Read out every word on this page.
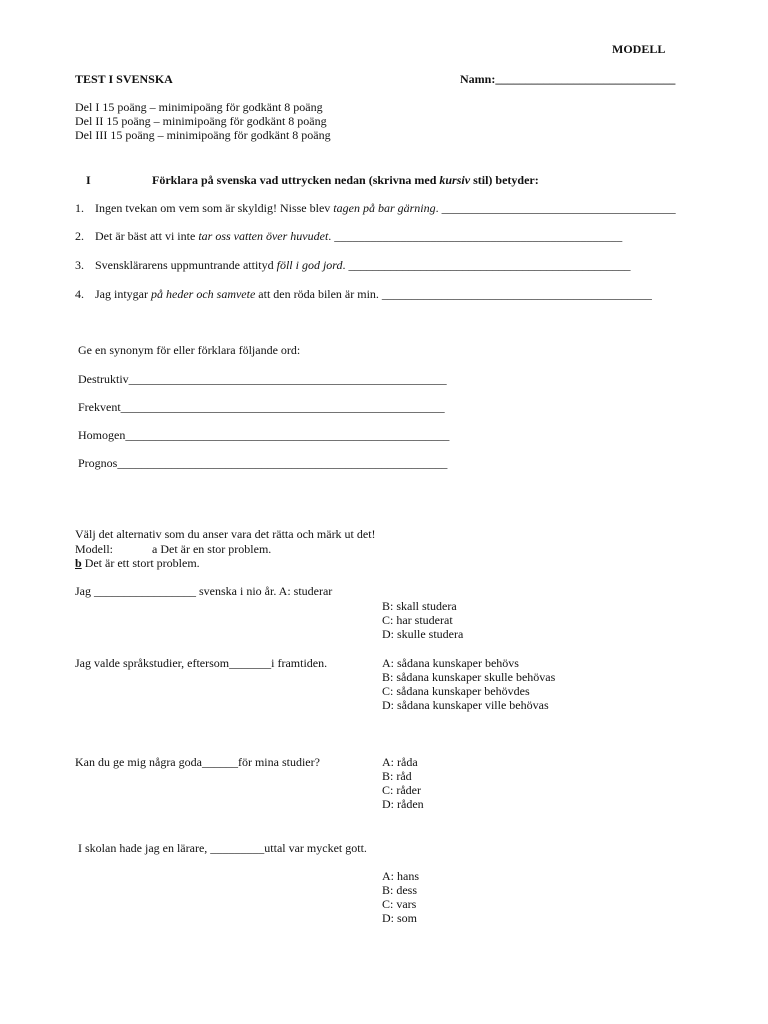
MODELL
TEST I SVENSKA	Namn:______________________________
Del I 15 poäng – minimipoäng för godkänt 8 poäng
Del II 15 poäng – minimipoäng för godkänt 8 poäng
Del III 15 poäng – minimipoäng för godkänt 8 poäng
I	Förklara på svenska vad uttrycken nedan (skrivna med kursiv stil) betyder:
1. Ingen tvekan om vem som är skyldig! Nisse blev tagen på bar gärning. _______________________________________
2. Det är bäst att vi inte tar oss vatten över huvudet. ________________________________________________
3. Svensklärarens uppmuntrande attityd föll i god jord. _______________________________________________
4. Jag intygar på heder och samvete att den röda bilen är min. _____________________________________________
Ge en synonym för eller förklara följande ord:
Destruktiv_____________________________________________________
Frekvent______________________________________________________
Homogen______________________________________________________
Prognos_______________________________________________________
Välj det alternativ som du anser vara det rätta och märk ut det!
Modell:	a Det är en stor problem.
b Det är ett stort problem.
Jag _________________ svenska i nio år. A: studerar
B: skall studera
C: har studerat
D: skulle studera
Jag valde språkstudier, eftersom_______i framtiden.	A: sådana kunskaper behövs
B: sådana kunskaper skulle behövas
C: sådana kunskaper behövdes
D: sådana kunskaper ville behövas
Kan du ge mig några goda______för mina studier?	A: råda
B: råd
C: råder
D: råden
I skolan hade jag en lärare, _________uttal var mycket gott.
A: hans
B: dess
C: vars
D: som
